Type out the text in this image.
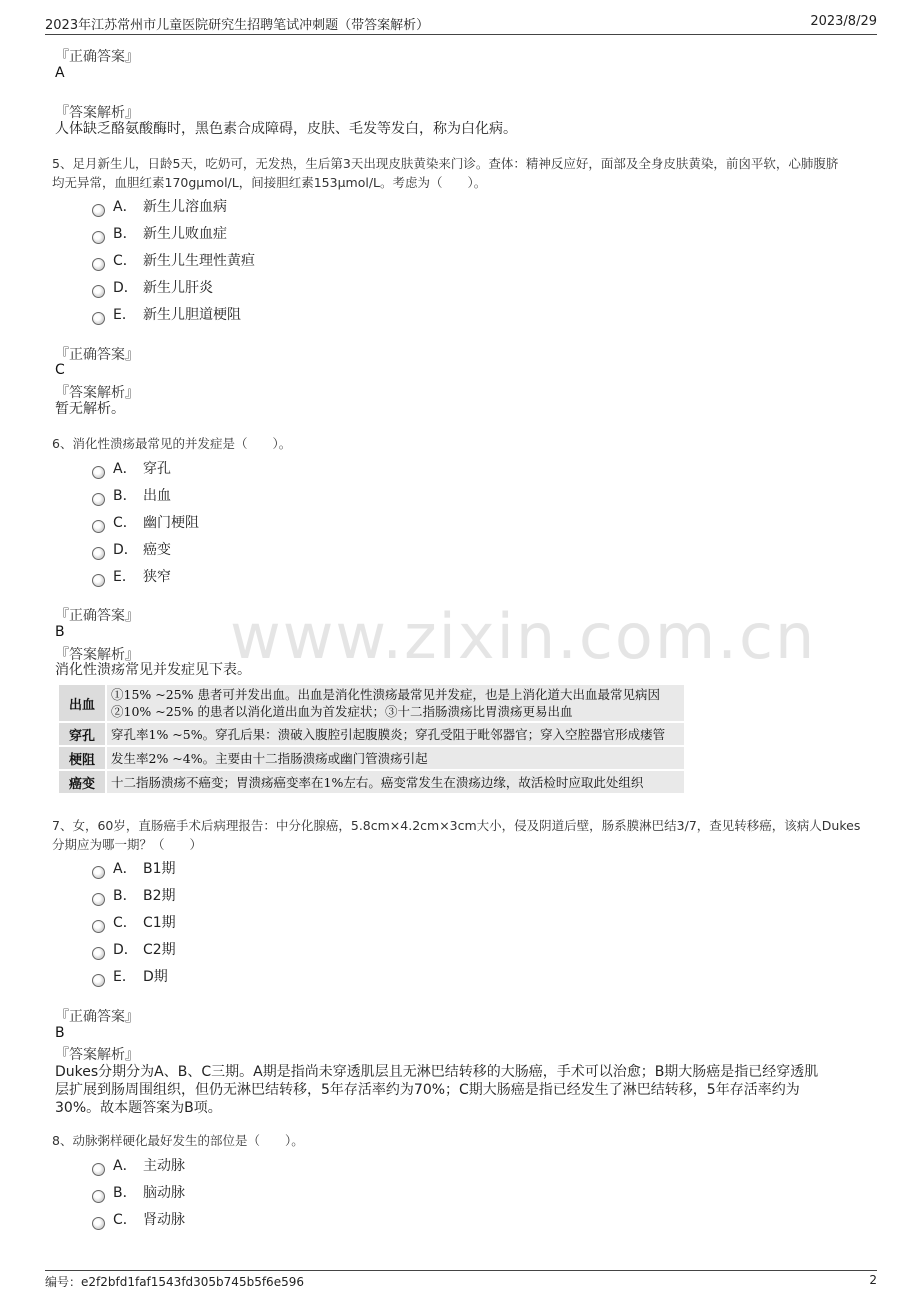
2023年江苏常州市儿童医院研究生招聘笔试冲刺题（带答案解析）	2023/8/29
www.zixin.com.cn
『正确答案』
A
『答案解析』
人体缺乏酪氨酸酶时，黑色素合成障碍，皮肤、毛发等发白，称为白化病。
5、足月新生儿，日龄5天，吃奶可，无发热，生后第3天出现皮肤黄染来门诊。查体：精神反应好，面部及全身皮肤黄染，前囟平软，心肺腹脐
均无异常，血胆红素170gμmol/L，间接胆红素153μmol/L。考虑为（　　）。
A． 新生儿溶血病
B． 新生儿败血症
C． 新生儿生理性黄疸
D． 新生儿肝炎
E． 新生儿胆道梗阻
『正确答案』
C
『答案解析』
暂无解析。
6、消化性溃疡最常见的并发症是（　　）。
A． 穿孔
B． 出血
C． 幽门梗阻
D． 癌变
E． 狭窄
『正确答案』
B
『答案解析』
消化性溃疡常见并发症见下表。
出血	①15% ~25% 患者可并发出血。出血是消化性溃疡最常见并发症，也是上消化道大出血最常见病因
②10% ~25% 的患者以消化道出血为首发症状；③十二指肠溃疡比胃溃疡更易出血

穿孔	穿孔率1% ~5%。穿孔后果：溃破入腹腔引起腹膜炎；穿孔受阻于毗邻器官；穿入空腔器官形成瘘管
梗阻	发生率2% ~4%。主要由十二指肠溃疡或幽门管溃疡引起
癌变	十二指肠溃疡不癌变；胃溃疡癌变率在1%左右。癌变常发生在溃疡边缘，故活检时应取此处组织
7、女，60岁，直肠癌手术后病理报告：中分化腺癌，5.8cm×4.2cm×3cm大小，侵及阴道后壁，肠系膜淋巴结3/7，查见转移癌，该病人Dukes
分期应为哪一期？（　　）
A． B1期
B． B2期
C． C1期
D． C2期
E． D期
『正确答案』
B
『答案解析』
Dukes分期分为A、B、C三期。A期是指尚未穿透肌层且无淋巴结转移的大肠癌，手术可以治愈；B期大肠癌是指已经穿透肌
层扩展到肠周围组织，但仍无淋巴结转移，5年存活率约为70%；C期大肠癌是指已经发生了淋巴结转移，5年存活率约为
30%。故本题答案为B项。
8、动脉粥样硬化最好发生的部位是（　　）。
A． 主动脉
B． 脑动脉
C． 肾动脉
编号：e2f2bfd1faf1543fd305b745b5f6e596	2
